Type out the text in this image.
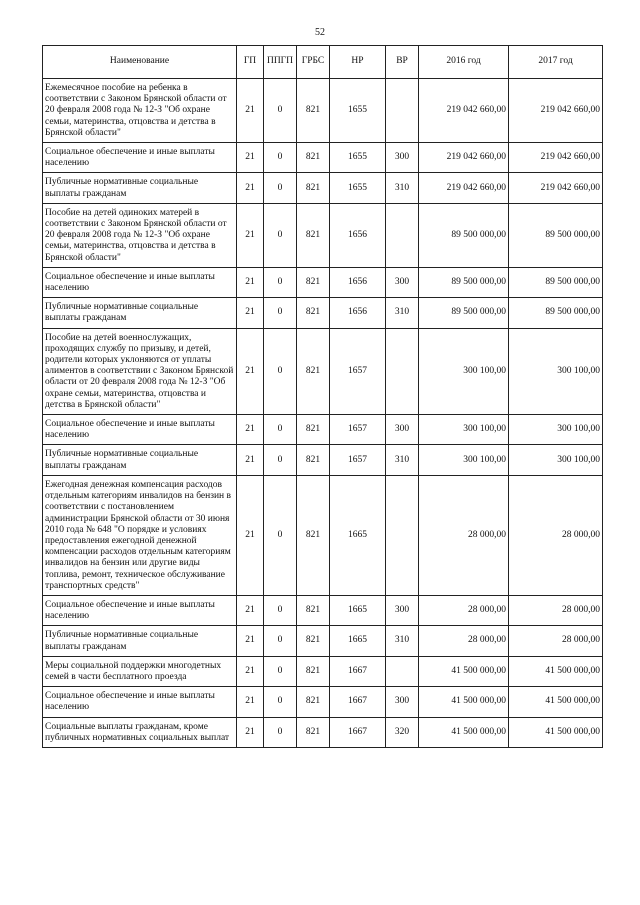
52
Наименование	ГП	ППГП	ГРБС	НР	ВР	2016 год	2017 год
Ежемесячное пособие на ребенка в соответствии с Законом Брянской области от 20 февраля 2008 года № 12-З "Об охране семьи, материнства, отцовства и детства в Брянской области"	21	0	821	1655		219 042 660,00	219 042 660,00
Социальное обеспечение и иные выплаты населению	21	0	821	1655	300	219 042 660,00	219 042 660,00
Публичные нормативные социальные выплаты гражданам	21	0	821	1655	310	219 042 660,00	219 042 660,00
Пособие на детей одиноких матерей в соответствии с Законом Брянской области от 20 февраля 2008 года № 12-З "Об охране семьи, материнства, отцовства и детства в Брянской области"	21	0	821	1656		89 500 000,00	89 500 000,00
Социальное обеспечение и иные выплаты населению	21	0	821	1656	300	89 500 000,00	89 500 000,00
Публичные нормативные социальные выплаты гражданам	21	0	821	1656	310	89 500 000,00	89 500 000,00
Пособие на детей военнослужащих, проходящих службу по призыву, и детей, родители которых уклоняются от уплаты алиментов в соответствии с Законом Брянской области от 20 февраля 2008 года № 12-З "Об охране семьи, материнства, отцовства и детства в Брянской области"	21	0	821	1657		300 100,00	300 100,00
Социальное обеспечение и иные выплаты населению	21	0	821	1657	300	300 100,00	300 100,00
Публичные нормативные социальные выплаты гражданам	21	0	821	1657	310	300 100,00	300 100,00
Ежегодная денежная компенсация расходов отдельным категориям инвалидов на бензин в соответствии с постановлением администрации Брянской области от 30 июня 2010 года № 648 "О порядке и условиях предоставления ежегодной денежной компенсации расходов отдельным категориям инвалидов на бензин или другие виды топлива, ремонт, техническое обслуживание транспортных средств"	21	0	821	1665		28 000,00	28 000,00
Социальное обеспечение и иные выплаты населению	21	0	821	1665	300	28 000,00	28 000,00
Публичные нормативные социальные выплаты гражданам	21	0	821	1665	310	28 000,00	28 000,00
Меры социальной поддержки многодетных семей в части бесплатного проезда	21	0	821	1667		41 500 000,00	41 500 000,00
Социальное обеспечение и иные выплаты населению	21	0	821	1667	300	41 500 000,00	41 500 000,00
Социальные выплаты гражданам, кроме публичных нормативных социальных выплат	21	0	821	1667	320	41 500 000,00	41 500 000,00
